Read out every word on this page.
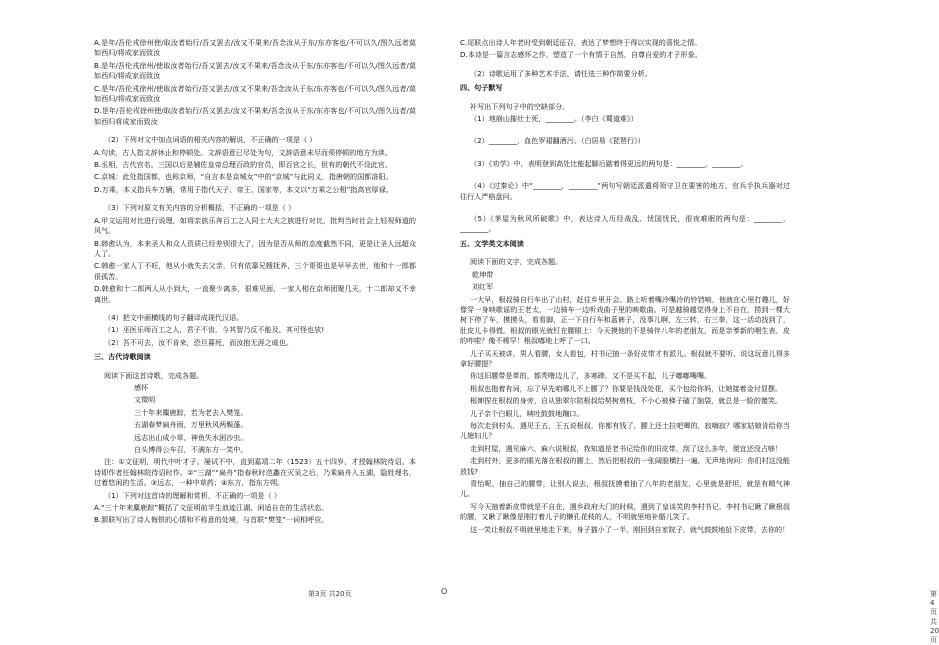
A.是年/吾伦戎徐州使/取汝者始行/吾又罢去/汝又不果来/吾念汝从于东/东亦客也/不可以久/图久远者莫如西归/将成家而致汝

B.是年/吾伦戎徐州/使取汝者始行/吾又罢去/汝又不果来/吾念汝从于东/东亦客也/不可以久/图久远者/莫如西归/将成家而致汝

C.是年/吾伦戎徐州/使取汝者始行/吾又罢去/汝又不果来/吾念汝从于东/东亦客也/不可以久/图久远者/莫如西归/将成家而致汝

D.是年/吾伦戎徐州使/取汝者始行/吾又罢去/汝又不果来/吾念汝从于东/东亦客也/不可以久/图久远者/莫如西归将成家而致汝

（2）下列对文中加点词语的相关内容的解说，不正确的一项是（ ）

A.句读，古人指文辞休止和停顿处。文辞语意已尽处为句，文辞语意未尽而须停顿的地方为读。

B.丞相，古代官名。三国以后是辅佐皇帝总理百政的官员，即百官之长，但有的朝代不设此官。

C.京城：此处指国都，也称京师，“自言本是京城女”中的“京城”与此同义，指唐朝的国都洛阳。

D.万乘，本义指兵车万辆，常用于指代天子、帝王、国家等，本文以“万乘之公相”指高官厚禄。

（3）下列对原文有关内容的分析概括，不正确的一项是（ ）

A.甲文运用对比进行说理，如将亲族乐奔百工之人同士大夫之族进行对比，批判当时社会上轻视师道的风气。

B.韩愈认为，本来圣人和众人资质已经差别很大了，因为是否从师的态度截然不同，更是让圣人远超众人了。

C.韩愈一家人丁不旺，他从小就失去父亲，只有依靠兄嫂抚养，三个哥哥也是早早去世，他和十一郎都很孤苦。

D.韩愈和十二郎两人从小到大，一直聚少离多，很难见面，一家人相在京师团聚几天，十二郎却又不幸离世。

（4）把文中画横线的句子翻译成现代汉语。

（1）巫医乐师百工之人，君子不齿，今其智乃反不能及，其可怪也欤!

（2）吾不可去，汝不肯来，恐旦暮死，而汝抱无涯之戚也。

三、古代诗歌阅读

阅读下面这首诗歌，完成各题。

感怀

文徵明

三十年来麋鹿踪，若为老去入樊笼。

五湖春梦扁舟雨，万里秋风两鬓蓬。

远志出山成小草，神鱼失水困沙虫。

白头博得公车召，不满东方一笑中。

注：①文征明，明代中叶才子。屡试不中，直到嘉靖二年（1523）五十四岁，才授翰林院待诏。本诗即作者任翰林院待诏时作。②“三湖”“扁舟”指春秋时范蠡在灭吴之后，乃乘扁舟入五湖，隐姓埋名，过着悠闲的生活。③远志，一种中草药；④东方，指东方朔。

（1）下列对这首诗的理解和赏析，不正确的一项是（ ）

A.“三十年来麋鹿踪”概括了文征明前半生浪迹江湖、闲适自在的生活状态。

B.颔联写出了诗人悔恨的心情和不称意的处境，与首联“樊笼”一词相呼应。

第3页 共20页	O

C.尾联点出诗人年老时受到朝廷征召，表达了梦想终于得以实现的喜悦之情。

D.本诗是一篇言志感怀之作，塑造了一个有情于自然，自尊自爱的才子形象。

（2）诗歌运用了多种艺术手法，请任选三种作简要分析。

四、句子默写

补写出下列句子中的空缺部分。

（1）地崩山摧壮士死，________。（李白《蜀道难》）

（2）________，血色罗裙翻酒污。（白居易《琵琶行》）

（3）《劝学》中，表明登到高处比能起脚后踮着得更远的两句是：________，________。

（4）《过秦论》中“________，________”两句写朝廷派遣将领守卫在要害的地方，官兵手执兵器对过往行人严格盘问。

（5）《茅屋为秋风所破歌》中，表达诗人历经战乱、忧国忧民，很夜难眠的两句是：________，________。

五、文学类文本阅读

阅读下面的文字，完成各题。

乾坤带

刘红军

一大早，根叔骑自行车出了山村，赶往乡里开会。路上听着嘴冷嘴冷的铃铛响，他就在心里打趣儿，好像穿一身映歌谣的王老太，一边骑车一边听戏曲子里的映歌曲。可是越骑越觉得身上不自在，捞到一棵大树下停了车，摸摸头，看看脚，正一下自行车和蓝裤子，没事儿啊，左三转，右三拳，这一活动找到了，肚皮儿卡得慌。根叔的眼光就钉在腰眼上：今天摸他的不是骑伴八年的老朋友，而是亲爹新的咽生表，皮的咋啦？俺不稀罕！根叔嘟地上呼了一口。

儿子买天被讲，男人看腰，女人看包，村书记抽一条好皮带才有派儿。根叔就不要听，说这玩意儿得多拿好腰提？

你这旧腰带是革的，都秃噜边儿了，多寒碜，又不是买不起，儿子嘟嘟嘴嘴。

根叔也拖着有词，忘了早先咱哪儿不上腰了？你要是钱没处花，买个包给你妈，让她接着金付显摆。

根婶捏在根叔的身旁，自从独翠尔陪根叔给契树剪枝，不小心被梯子磕了脑袋，就总是一脸的傻笑。

儿子亲个白眼儿，咦吐鼓鼓地蹦口。

每次走到村头，遇见王五，王五说根叔，你都有钱了，腰上还土拉吧唧的，寂嗨寂？哪家姑娘肯给你当儿媳妇儿？

走到村屋，遇见麻六，麻六说根叔，我知道是老书记给你的旧皮带，刮了这么多年，便宜还没占够！

走到村外，更多的眼光落在根叔的腰上，然后把根叔的一张阔脸横扫一遍，无声地询问：你们村这没能放钱?

青怡呢，抽自己的腰带，让别人说去，根叔抚摸着抽了八年的老朋友，心里就是舒坦，就是有精气神儿。

写今天抽着新皮带就是不自在，遇乡政府大门的时候，遇到了皇谈笑的李村书记，李村书记瞅了瞅根叔的腰，又瞅了瞅像是刚打着儿子的懒孔花枝的人，不明就里地补骼儿笑了。

这一笑让根叔不明就里地走下来，身子猫小了一半，刚回到自家院子，就气鼓鼓地扯下皮带，去你的！

第4页 共20页
